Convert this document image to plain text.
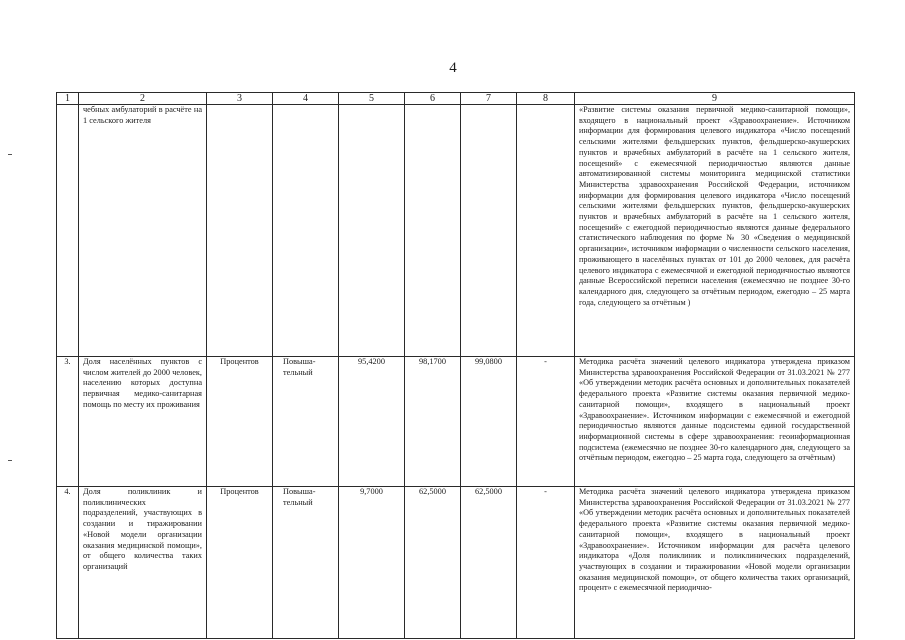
4
1	2	3	4	5	6	7	8	9
	чебных амбулаторий в расчёте на 1 сельского жителя							«Развитие системы оказания первичной медико-санитарной помощи», входящего в национальный проект «Здравоохранение». Источником информации для формирования целевого индикатора «Число посещений сельскими жителями фельдшерских пунктов, фельдшерско-акушерских пунктов и врачебных амбулаторий в расчёте на 1 сельского жителя, посещений» с ежемесячной периодичностью являются данные автоматизированной системы мониторинга медицинской статистики Министерства здравоохранения Российской Федерации, источником информации для формирования целевого индикатора «Число посещений сельскими жителями фельдшерских пунктов, фельдшерско-акушерских пунктов и врачебных амбулаторий в расчёте на 1 сельского жителя, посещений» с ежегодной периодичностью являются данные федерального статистического наблюдения по форме № 30 «Сведения о медицинской организации», источником информации о численности сельского населения, проживающего в населённых пунктах от 101 до 2000 человек, для расчёта целевого индикатора с ежемесячной и ежегодной периодичностью являются данные Всероссийской переписи населения (ежемесячно не позднее 30-го календарного дня, следующего за отчётным периодом, ежегодно – 25 марта года, следующего за отчётным )
3.	Доля населённых пунктов с числом жителей до 2000 человек, населению которых доступна первичная медико-санитарная помощь по месту их проживания	Процентов	Повыша-тельный	95,4200	98,1700	99,0800	-	Методика расчёта значений целевого индикатора утверждена приказом Министерства здравоохранения Российской Федерации от 31.03.2021 № 277 «Об утверждении методик расчёта основных и дополнительных показателей федерального проекта «Развитие системы оказания первичной медико-санитарной помощи», входящего в национальный проект «Здравоохранение». Источником информации с ежемесячной и ежегодной периодичностью являются данные подсистемы единой государственной информационной системы в сфере здравоохранения: геоинформационная подсистема (ежемесячно не позднее 30-го календарного дня, следующего за отчётным периодом, ежегодно – 25 марта года, следующего за отчётным)
4.	Доля поликлиник и поликлинических подразделений, участвующих в создании и тиражировании «Новой модели организации оказания медицинской помощи», от общего количества таких организаций	Процентов	Повыша-тельный	9,7000	62,5000	62,5000	-	Методика расчёта значений целевого индикатора утверждена приказом Министерства здравоохранения Российской Федерации от 31.03.2021 № 277 «Об утверждении методик расчёта основных и дополнительных показателей федерального проекта «Развитие системы оказания первичной медико-санитарной помощи», входящего в национальный проект «Здравоохранение». Источником информации для расчёта целевого индикатора «Доля поликлиник и поликлинических подразделений, участвующих в создании и тиражировании «Новой модели организации оказания медицинской помощи», от общего количества таких организаций, процент» с ежемесячной периодично-
